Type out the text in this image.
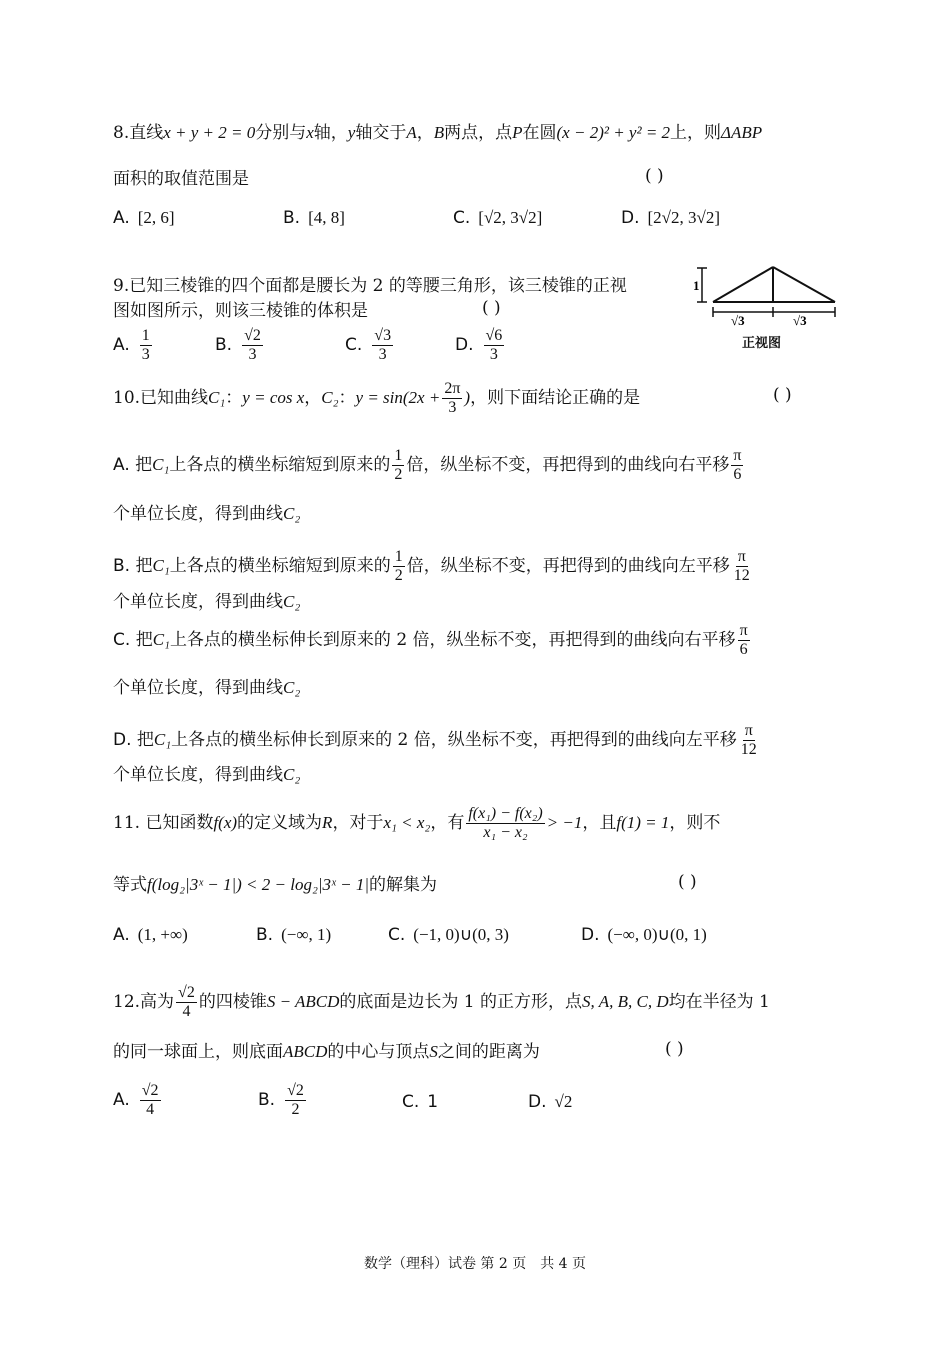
8.直线x + y + 2 = 0分别与x轴，y轴交于A，B两点，点P在圆(x − 2)² + y² = 2上，则ΔABP
面积的取值范围是	( )
A. [2, 6]	B. [4, 8]	C. [√2, 3√2]	D. [2√2, 3√2]
9.已知三棱锥的四个面都是腰长为 2 的等腰三角形，该三棱锥的正视
图如图所示，则该三棱锥的体积是	( )
1
√3	√3
正视图
A. $\frac{1}{3}$	B. $\frac{√2}{3}$	C. $\frac{√3}{3}$	D. $\frac{√6}{3}$
10.已知曲线C₁：y = cos x，C₂：$y = \sin(2x + \frac{2\pi}{3}$ )，则下面结论正确的是	( )
A. 把C₁上各点的横坐标缩短到原来的 $\frac{1}{2}$ 倍，纵坐标不变，再把得到的曲线向右平移 $\frac{\pi}{6}$
个单位长度，得到曲线C₂
B. 把C₁上各点的横坐标缩短到原来的 $\frac{1}{2}$ 倍，纵坐标不变，再把得到的曲线向左平移 $\frac{\pi}{12}$
个单位长度，得到曲线C₂
C. 把C₁上各点的横坐标伸长到原来的 2 倍，纵坐标不变，再把得到的曲线向右平移 $\frac{\pi}{6}$
个单位长度，得到曲线C₂
D. 把C₁上各点的横坐标伸长到原来的 2 倍，纵坐标不变，再把得到的曲线向左平移 $\frac{\pi}{12}$
个单位长度，得到曲线C₂
11. 已知函数f(x)的定义域为R，对于x₁ < x₂，有 $\frac{\text{f(x₁) − f(x₂)}}{\text{x₁ − x₂}} > -1$，且f(1) = 1，则不
等式f(log₂|3ˣ − 1|) < 2 − log₂|3ˣ − 1|的解集为	( )
A. (1, +∞)	B. (−∞, 1)	C. (−1, 0)∪(0, 3)	D. (−∞, 0)∪(0, 1)
12.高为 $\frac{√2}{4}$ 的四棱锥S − ABCD的底面是边长为 1 的正方形，点S, A, B, C, D均在半径为 1
的同一球面上，则底面ABCD的中心与顶点S之间的距离为	( )
A. $\frac{√2}{4}$	B. $\frac{√2}{2}$	C. 1	D. √2
数学（理科）试卷 第 2 页　共 4 页
